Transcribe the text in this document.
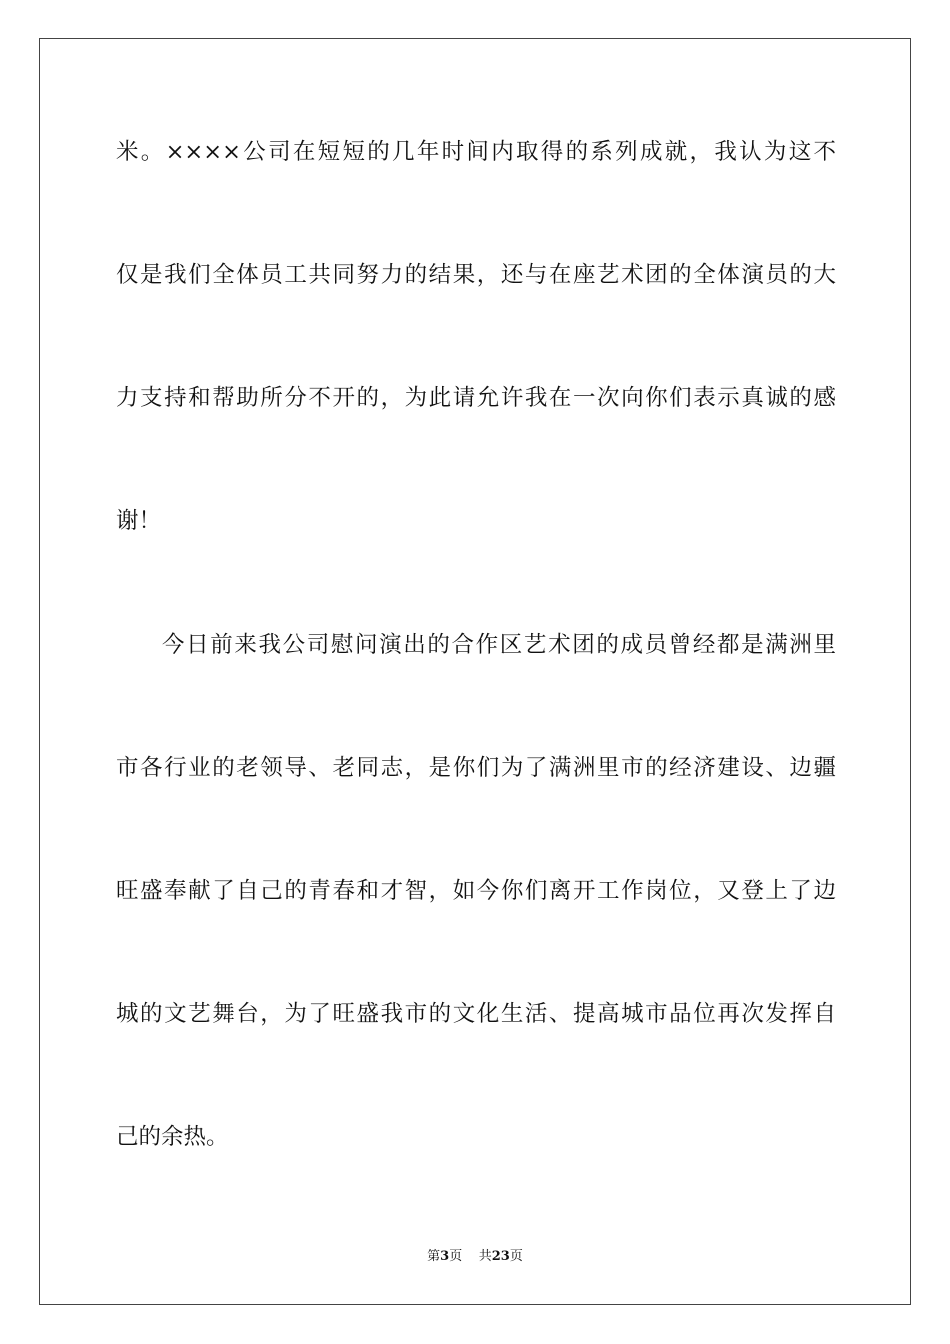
米。××××公司在短短的几年时间内取得的系列成就，我认为这不
仅是我们全体员工共同努力的结果，还与在座艺术团的全体演员的大
力支持和帮助所分不开的，为此请允许我在一次向你们表示真诚的感
谢！
今日前来我公司慰问演出的合作区艺术团的成员曾经都是满洲里
市各行业的老领导、老同志，是你们为了满洲里市的经济建设、边疆
旺盛奉献了自己的青春和才智，如今你们离开工作岗位，又登上了边
城的文艺舞台，为了旺盛我市的文化生活、提高城市品位再次发挥自
己的余热。
第3页 共23页
